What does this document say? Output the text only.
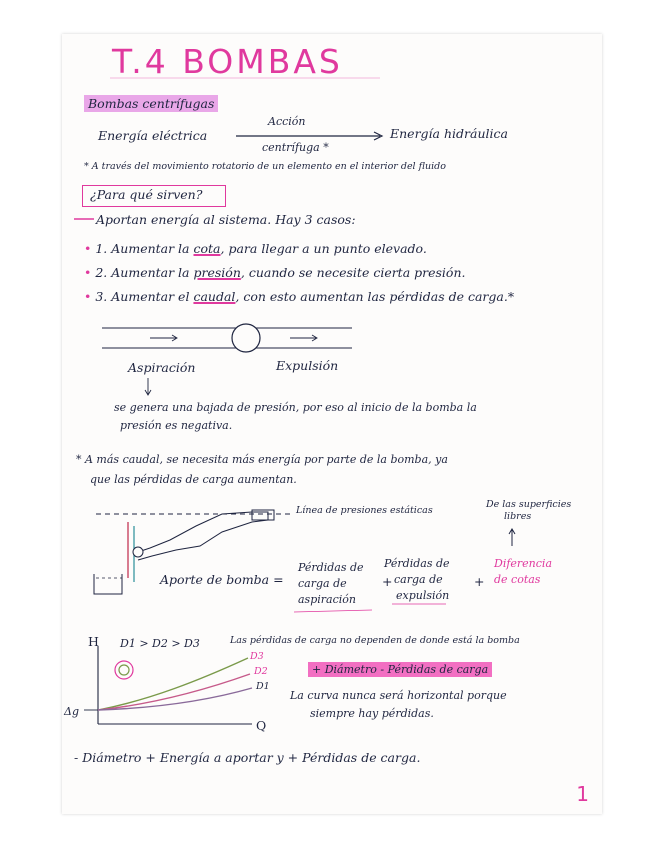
T.4 BOMBAS
Bombas centrífugas
Energía eléctrica
Acción
centrífuga *
Energía hidráulica
* A través del movimiento rotatorio de un elemento en el interior del fluido
¿Para qué sirven?
Aportan energía al sistema. Hay 3 casos:
• 1. Aumentar la cota, para llegar a un punto elevado.
• 2. Aumentar la presión, cuando se necesite cierta presión.
• 3. Aumentar el caudal, con esto aumentan las pérdidas de carga.*
Aspiración	Expulsión
se genera una bajada de presión, por eso al inicio de la bomba la
presión es negativa.
* A más caudal, se necesita más energía por parte de la bomba, ya
que las pérdidas de carga aumentan.
Línea de presiones estáticas
De las superficies
libres
Aporte de bomba =
Pérdidas de
carga de
aspiración
+
Pérdidas de
carga de
expulsión
+
Diferencia
de cotas
H D1 > D2 > D3	Las pérdidas de carga no dependen de donde está la bomba
D3
D2
D1
Δg
Q
+ Diámetro - Pérdidas de carga
La curva nunca será horizontal porque
siempre hay pérdidas.
- Diámetro + Energía a aportar y + Pérdidas de carga.
1
